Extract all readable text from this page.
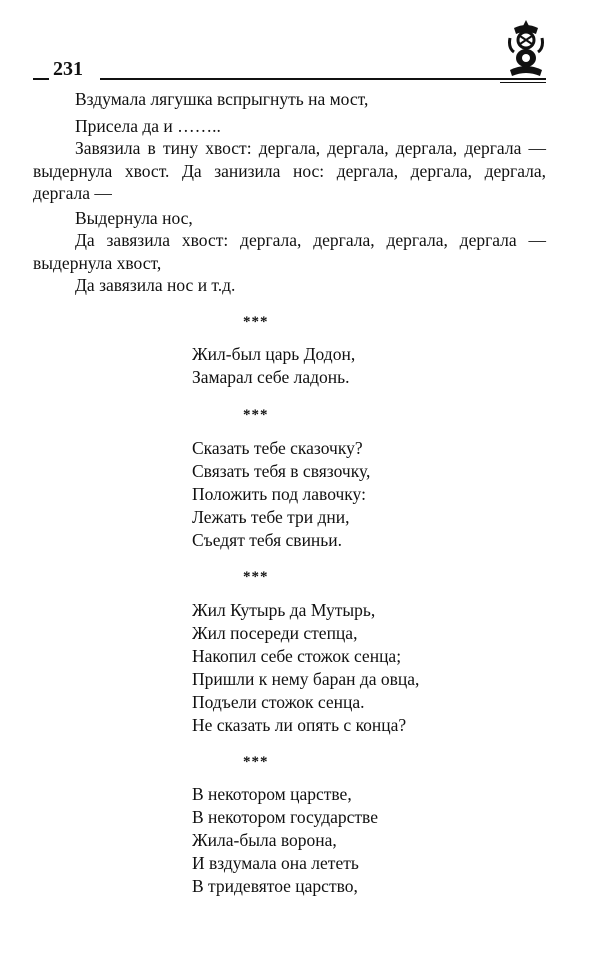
231

Вздумала лягушка вспрыгнуть на мост,

Присела да и ……..

Завязила в тину хвост: дергала, дергала, дергала, дергала — выдернула хвост. Да занизила нос: дергала, дергала, дергала, дергала —

Выдернула нос,

Да завязила хвост: дергала, дергала, дергала, дергала — выдернула хвост,

Да завязила нос и т.д.

***
Жил-был царь Додон,
Замарал себе ладонь.
***
Сказать тебе сказочку?
Связать тебя в связочку,
Положить под лавочку:
Лежать тебе три дни,
Съедят тебя свиньи.
***
Жил Кутырь да Мутырь,
Жил посереди степца,
Накопил себе стожок сенца;
Пришли к нему баран да овца,
Подъели стожок сенца.
Не сказать ли опять с конца?
***
В некотором царстве,
В некотором государстве
Жила-была ворона,
И вздумала она лететь
В тридевятое царство,
